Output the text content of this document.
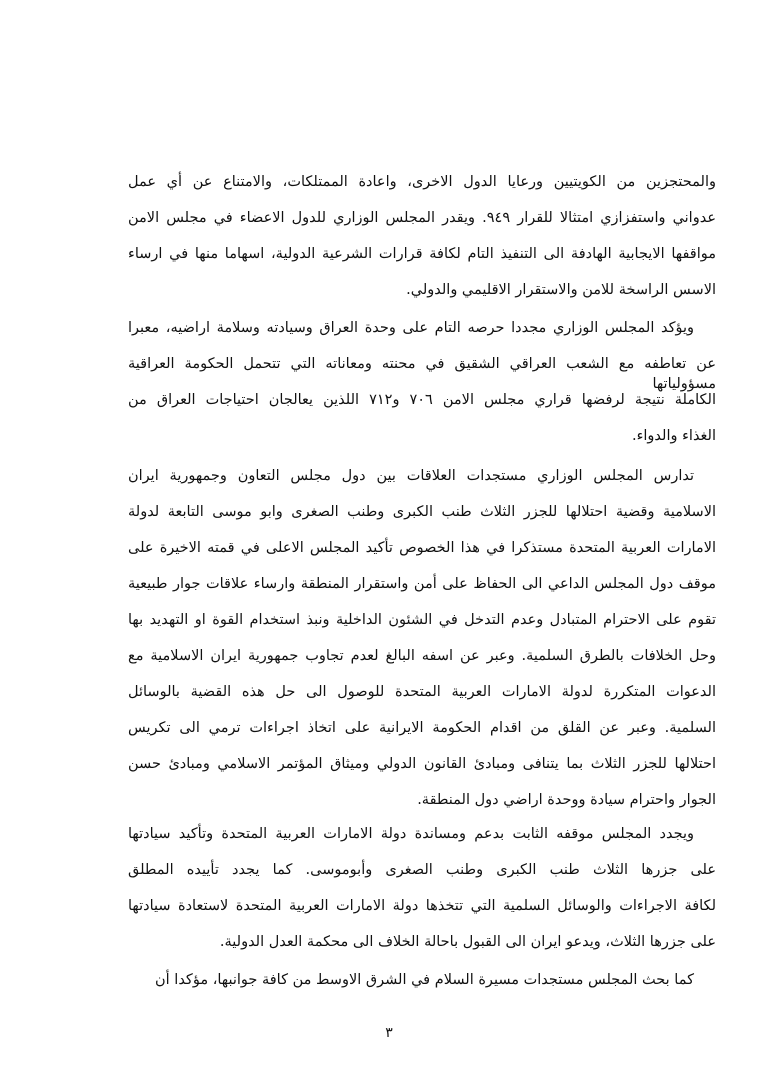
والمحتجزين من الكويتيين ورعايا الدول الاخرى، واعادة الممتلكات، والامتناع عن أي عمل
عدواني واستفزازي امتثالا للقرار ٩٤٩. ويقدر المجلس الوزاري للدول الاعضاء في مجلس الامن
مواقفها الايجابية الهادفة الى التنفيذ التام لكافة قرارات الشرعية الدولية، اسهاما منها في ارساء
الاسس الراسخة للامن والاستقرار الاقليمي والدولي.
ويؤكد المجلس الوزاري مجددا حرصه التام على وحدة العراق وسيادته وسلامة اراضيه، معبرا
عن تعاطفه مع الشعب العراقي الشقيق في محنته ومعاناته التي تتحمل الحكومة العراقية مسؤولياتها
الكاملة نتيجة لرفضها قراري مجلس الامن ٧٠٦ و٧١٢ اللذين يعالجان احتياجات العراق من
الغذاء والدواء.
تدارس المجلس الوزاري مستجدات العلاقات بين دول مجلس التعاون وجمهورية ايران
الاسلامية وقضية احتلالها للجزر الثلاث طنب الكبرى وطنب الصغرى وابو موسى التابعة لدولة
الامارات العربية المتحدة مستذكرا في هذا الخصوص تأكيد المجلس الاعلى في قمته الاخيرة على
موقف دول المجلس الداعي الى الحفاظ على أمن واستقرار المنطقة وارساء علاقات جوار طبيعية
تقوم على الاحترام المتبادل وعدم التدخل في الشئون الداخلية ونبذ استخدام القوة او التهديد بها
وحل الخلافات بالطرق السلمية. وعبر عن اسفه البالغ لعدم تجاوب جمهورية ايران الاسلامية مع
الدعوات المتكررة لدولة الامارات العربية المتحدة للوصول الى حل هذه القضية بالوسائل
السلمية. وعبر عن القلق من اقدام الحكومة الايرانية على اتخاذ اجراءات ترمي الى تكريس
احتلالها للجزر الثلاث بما يتنافى ومبادئ القانون الدولي وميثاق المؤتمر الاسلامي ومبادئ حسن
الجوار واحترام سيادة ووحدة اراضي دول المنطقة.
ويجدد المجلس موقفه الثابت بدعم ومساندة دولة الامارات العربية المتحدة وتأكيد سيادتها
على جزرها الثلاث طنب الكبرى وطنب الصغرى وأبوموسى. كما يجدد تأييده المطلق
لكافة الاجراءات والوسائل السلمية التي تتخذها دولة الامارات العربية المتحدة لاستعادة سيادتها
على جزرها الثلاث، ويدعو ايران الى القبول باحالة الخلاف الى محكمة العدل الدولية.
كما بحث المجلس مستجدات مسيرة السلام في الشرق الاوسط من كافة جوانبها، مؤكدا أن
٣
